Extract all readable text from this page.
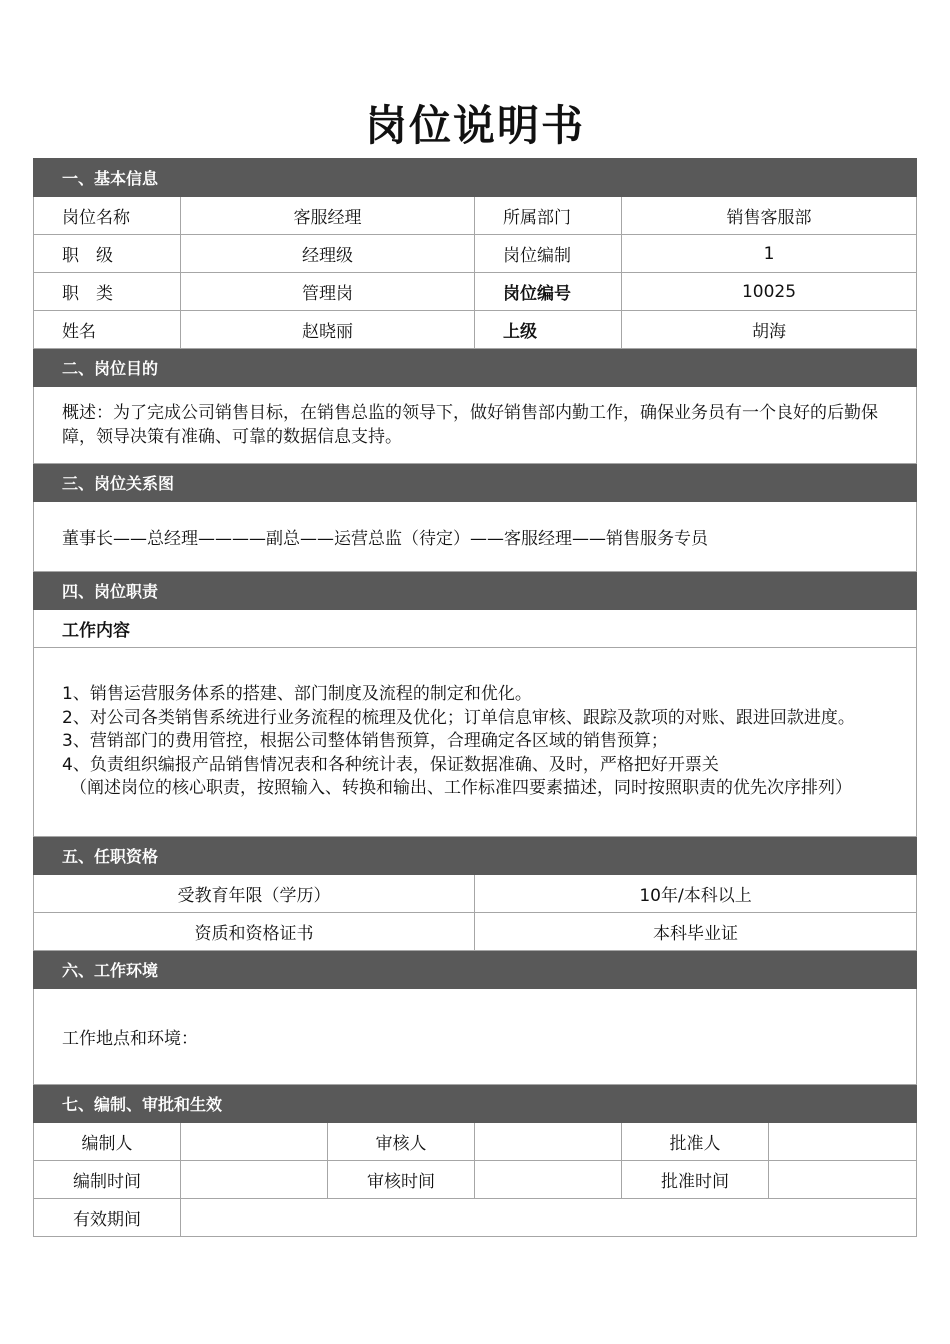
岗位说明书
一、基本信息					
岗位名称	客服经理		所属部门	销售客服部	
职　级	经理级		岗位编制	1	
职　类	管理岗		岗位编号	10025	
姓名	赵晓丽		上级	胡海	
二、岗位目的					
概述：为了完成公司销售目标，在销售总监的领导下，做好销售部内勤工作，确保业务员有一个良好的后勤保障，领导决策有准确、可靠的数据信息支持。					
三、岗位关系图					
董事长——总经理————副总——运营总监（待定）——客服经理——销售服务专员					
四、岗位职责					
工作内容					

1、销售运营服务体系的搭建、部门制度及流程的制定和优化。
2、对公司各类销售系统进行业务流程的梳理及优化；订单信息审核、跟踪及款项的对账、跟进回款进度。
3、营销部门的费用管控，根据公司整体销售预算，合理确定各区域的销售预算；
4、负责组织编报产品销售情况表和各种统计表，保证数据准确、及时，严格把好开票关
（阐述岗位的核心职责，按照输入、转换和输出、工作标准四要素描述，同时按照职责的优先次序排列）					

五、任职资格					
受教育年限（学历）			10年/本科以上		
资质和资格证书			本科毕业证		
六、工作环境					
工作地点和环境：					
七、编制、审批和生效					
编制人		审核人		批准人	
编制时间		审核时间		批准时间	
有效期间					
